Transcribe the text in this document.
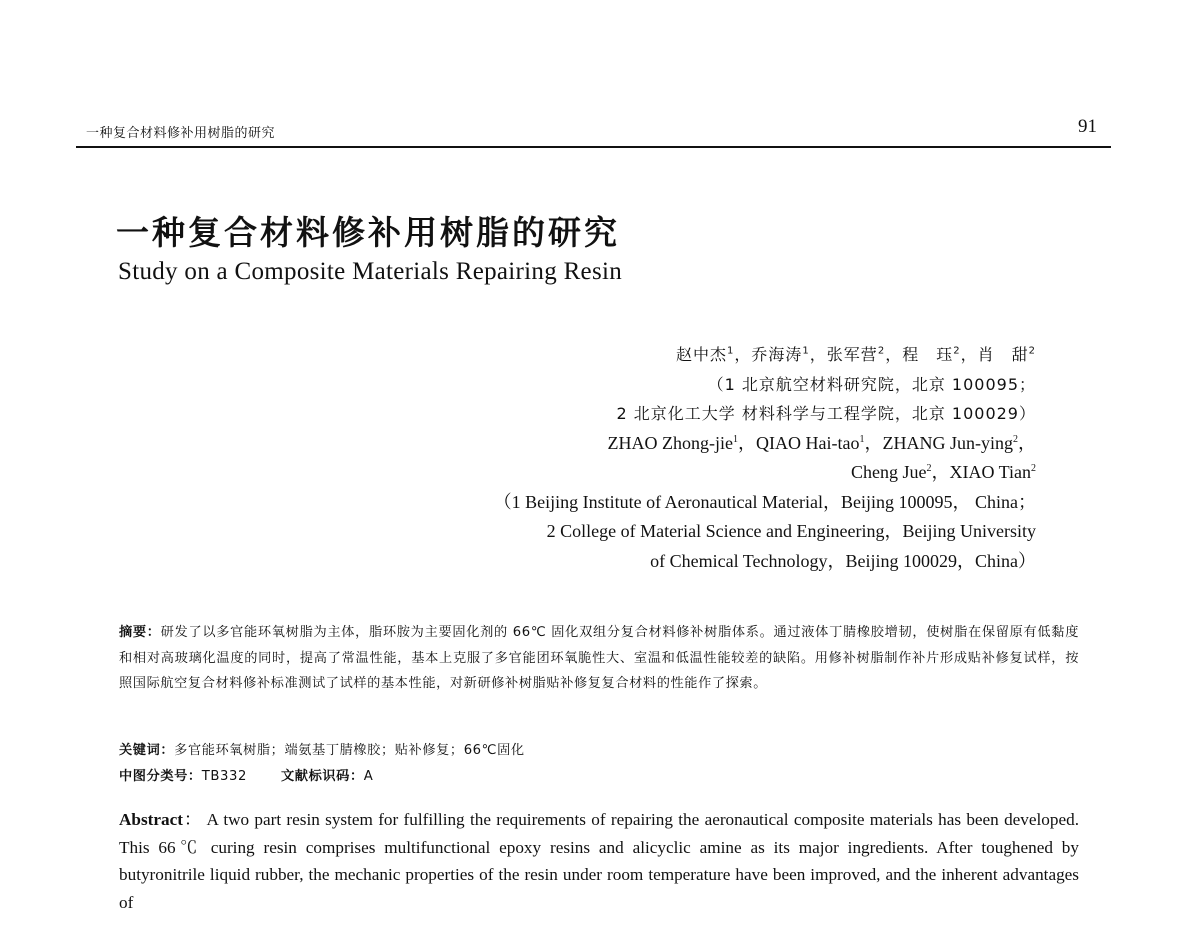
一种复合材料修补用树脂的研究	91
一种复合材料修补用树脂的研究
Study on a Composite Materials Repairing Resin
赵中杰$^1$，乔海涛$^1$，张军营$^2$，程　珏$^2$，肖　甜$^2$
（1 北京航空材料研究院，北京 100095；
2 北京化工大学 材料科学与工程学院，北京 100029）
ZHAO Zhong-jie$^1$，QIAO Hai-tao$^1$，ZHANG Jun-ying$^2$，
Cheng Jue$^2$，XIAO Tian$^2$
（1 Beijing Institute of Aeronautical Material，Beijing 100095， China；
2 College of Material Science and Engineering，Beijing University
of Chemical Technology，Beijing 100029，China）
摘要：研发了以多官能环氧树脂为主体，脂环胺为主要固化剂的 66℃ 固化双组分复合材料修补树脂体系。通过液体丁腈橡胶增韧，使树脂在保留原有低黏度和相对高玻璃化温度的同时，提高了常温性能，基本上克服了多官能团环氧脆性大、室温和低温性能较差的缺陷。用修补树脂制作补片形成贴补修复试样，按照国际航空复合材料修补标准测试了试样的基本性能，对新研修补树脂贴补修复复合材料的性能作了探索。
关键词：多官能环氧树脂；端氨基丁腈橡胶；贴补修复；66℃固化
中图分类号：TB332	文献标识码：A
Abstract： A two part resin system for fulfilling the requirements of repairing the aeronautical composite materials has been developed. This 66℃ curing resin comprises multifunctional epoxy resins and alicyclic amine as its major ingredients. After toughened by butyronitrile liquid rubber, the mechanic properties of the resin under room temperature have been improved, and the inherent advantages of
